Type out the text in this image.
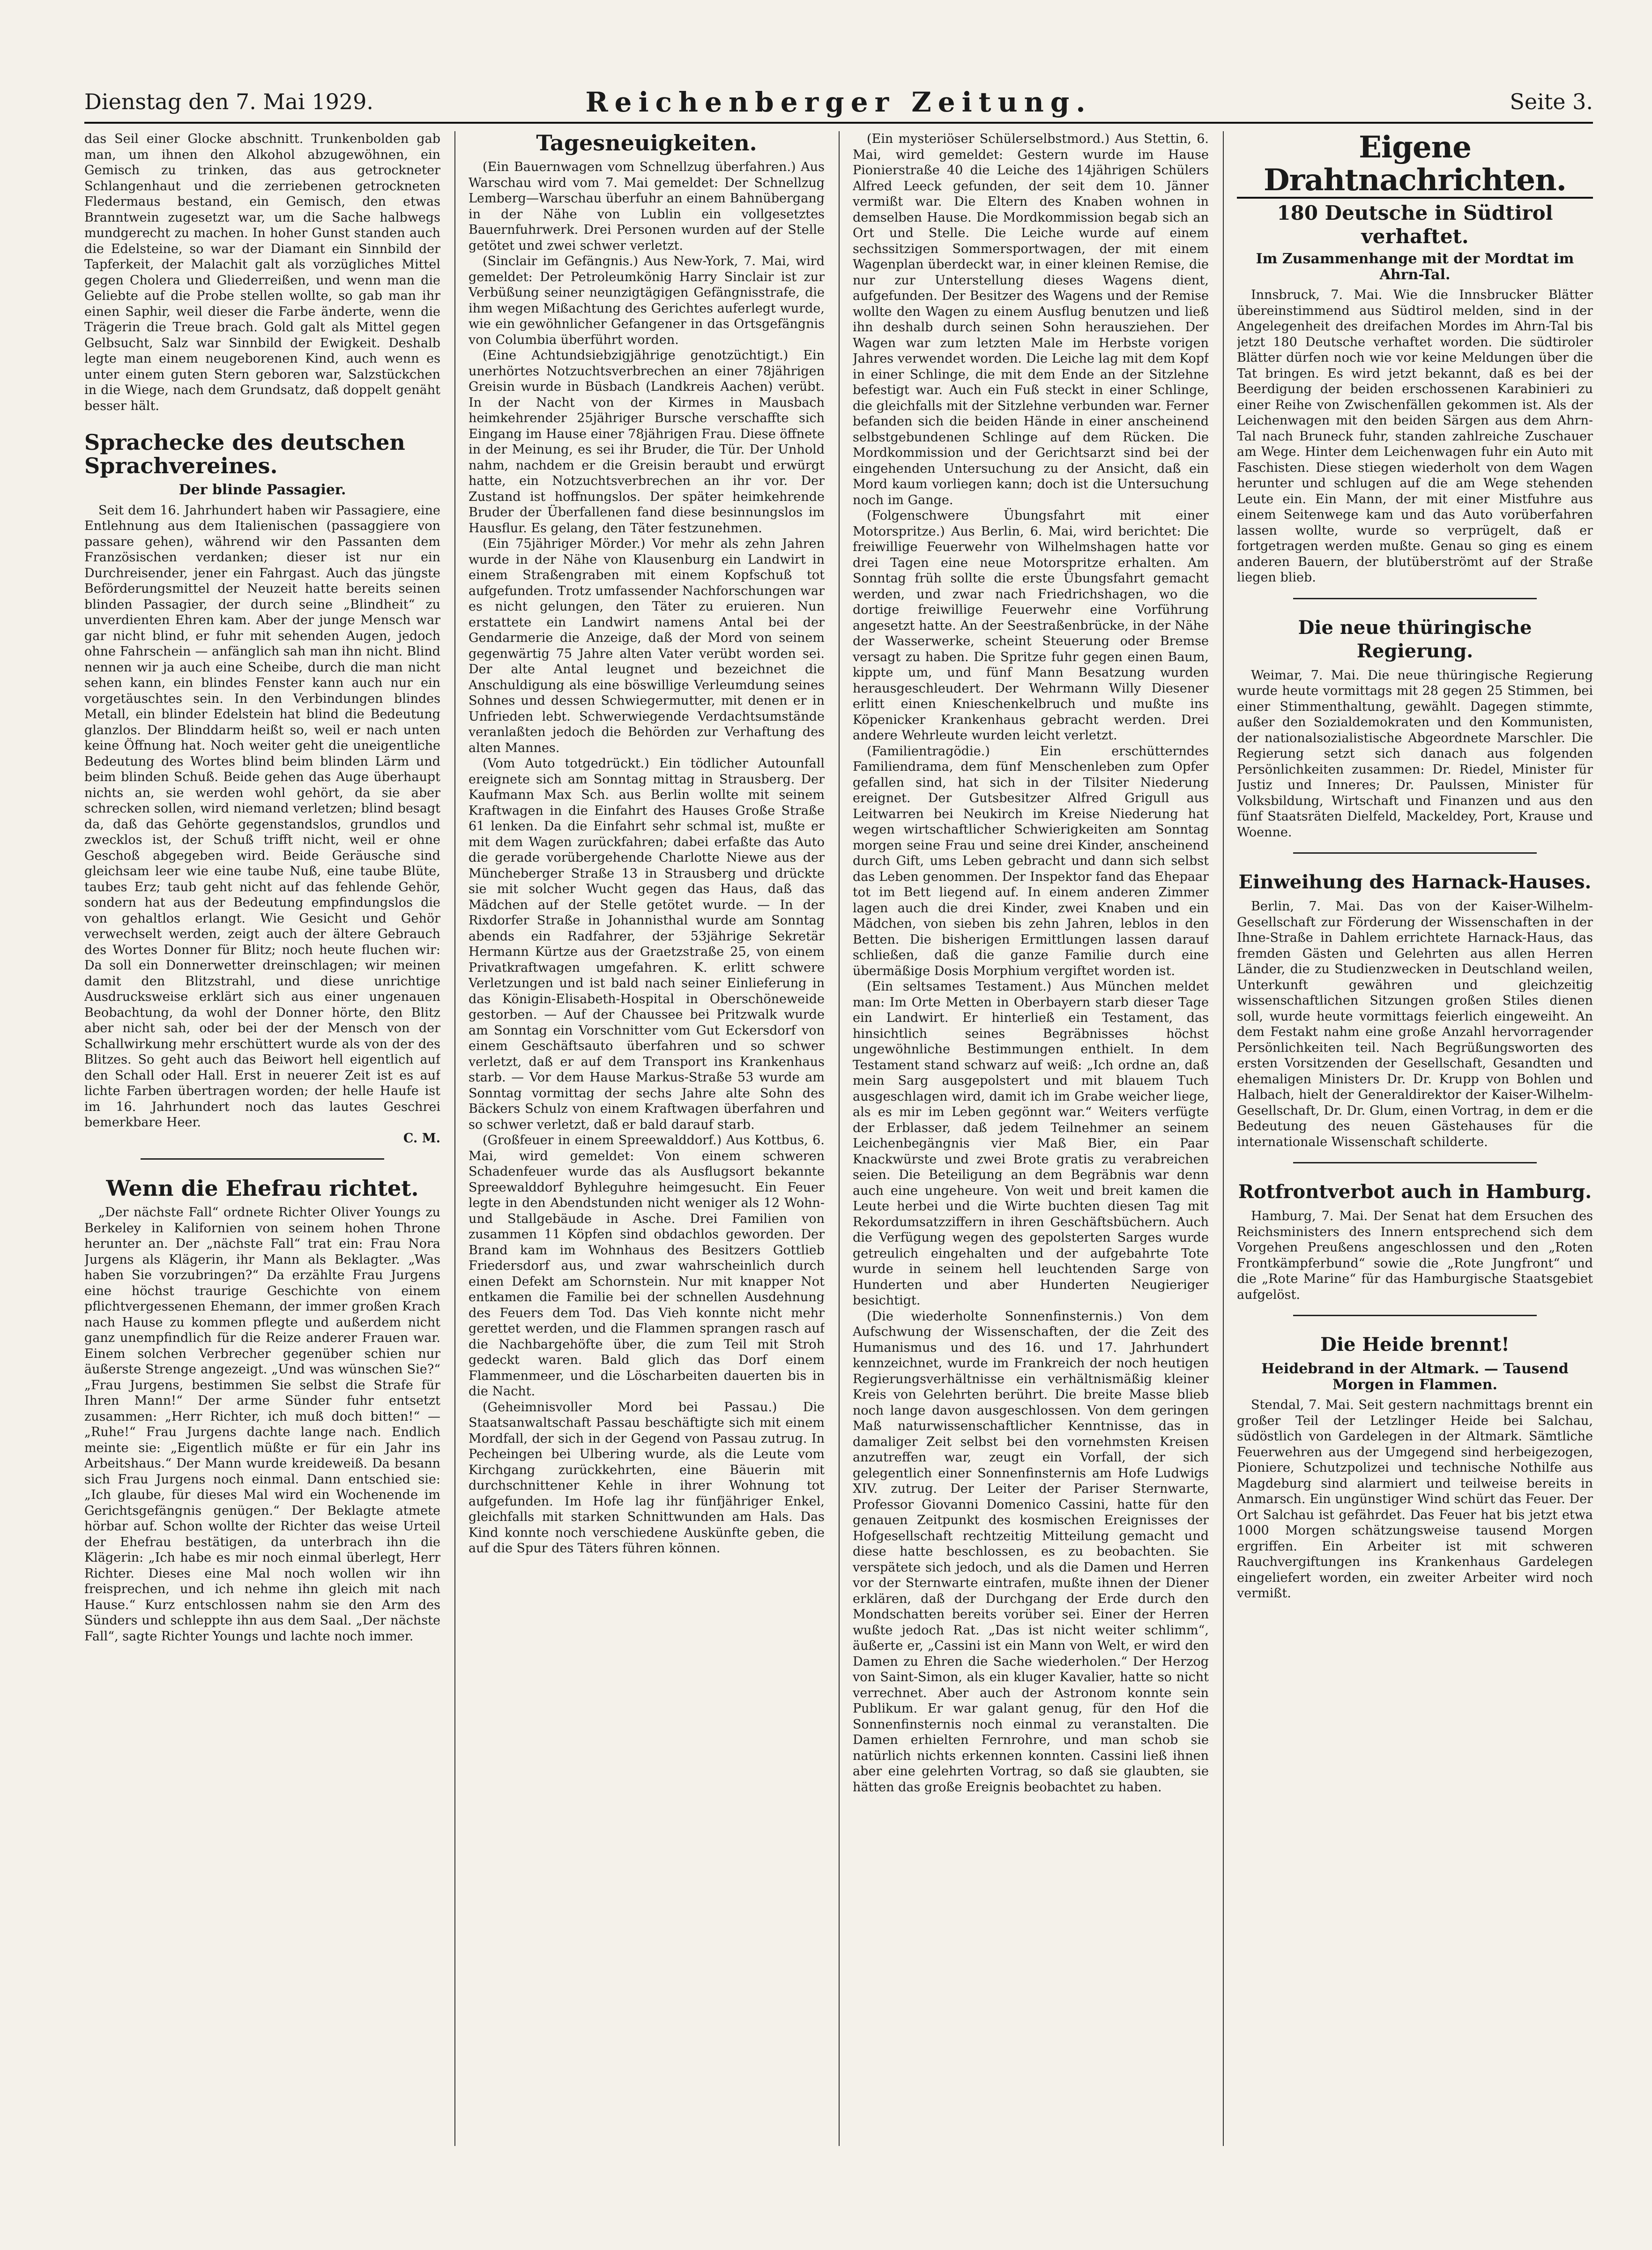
Dienstag den 7. Mai 1929.	Reichenberger Zeitung.	Seite 3.

das Seil einer Glocke abschnitt. Trunkenbolden gab man, um ihnen den Alkohol abzugewöhnen, ein Gemisch zu trinken, das aus getrockneter Schlangenhaut und die zerriebenen getrockneten Fledermaus bestand, ein Gemisch, den etwas Branntwein zugesetzt war, um die Sache halbwegs mundgerecht zu machen. In hoher Gunst standen auch die Edelsteine, so war der Diamant ein Sinnbild der Tapferkeit, der Malachit galt als vorzügliches Mittel gegen Cholera und Gliederreißen, und wenn man die Geliebte auf die Probe stellen wollte, so gab man ihr einen Saphir, weil dieser die Farbe änderte, wenn die Trägerin die Treue brach. Gold galt als Mittel gegen Gelbsucht, Salz war Sinnbild der Ewigkeit. Deshalb legte man einem neugeborenen Kind, auch wenn es unter einem guten Stern geboren war, Salzstückchen in die Wiege, nach dem Grundsatz, daß doppelt genäht besser hält.

Sprachecke des deutschen Sprachvereines.
Der blinde Passagier.

Seit dem 16. Jahrhundert haben wir Passagiere, eine Entlehnung aus dem Italienischen (passaggiere von passare gehen), während wir den Passanten dem Französischen verdanken; dieser ist nur ein Durchreisender, jener ein Fahrgast. Auch das jüngste Beförderungsmittel der Neuzeit hatte bereits seinen blinden Passagier, der durch seine „Blindheit“ zu unverdienten Ehren kam. Aber der junge Mensch war gar nicht blind, er fuhr mit sehenden Augen, jedoch ohne Fahrschein — anfänglich sah man ihn nicht. Blind nennen wir ja auch eine Scheibe, durch die man nicht sehen kann, ein blindes Fenster kann auch nur ein vorgetäuschtes sein. In den Verbindungen blindes Metall, ein blinder Edelstein hat blind die Bedeutung glanzlos. Der Blinddarm heißt so, weil er nach unten keine Öffnung hat. Noch weiter geht die uneigentliche Bedeutung des Wortes blind beim blinden Lärm und beim blinden Schuß. Beide gehen das Auge überhaupt nichts an, sie werden wohl gehört, da sie aber schrecken sollen, wird niemand verletzen; blind besagt da, daß das Gehörte gegenstandslos, grundlos und zwecklos ist, der Schuß trifft nicht, weil er ohne Geschoß abgegeben wird. Beide Geräusche sind gleichsam leer wie eine taube Nuß, eine taube Blüte, taubes Erz; taub geht nicht auf das fehlende Gehör, sondern hat aus der Bedeutung empfindungslos die von gehaltlos erlangt. Wie Gesicht und Gehör verwechselt werden, zeigt auch der ältere Gebrauch des Wortes Donner für Blitz; noch heute fluchen wir: Da soll ein Donnerwetter dreinschlagen; wir meinen damit den Blitzstrahl, und diese unrichtige Ausdrucksweise erklärt sich aus einer ungenauen Beobachtung, da wohl der Donner hörte, den Blitz aber nicht sah, oder bei der der Mensch von der Schallwirkung mehr erschüttert wurde als von der des Blitzes. So geht auch das Beiwort hell eigentlich auf den Schall oder Hall. Erst in neuerer Zeit ist es auf lichte Farben übertragen worden; der helle Haufe ist im 16. Jahrhundert noch das lautes Geschrei bemerkbare Heer.

C. M.
Wenn die Ehefrau richtet.

„Der nächste Fall“ ordnete Richter Oliver Youngs zu Berkeley in Kalifornien von seinem hohen Throne herunter an. Der „nächste Fall“ trat ein: Frau Nora Jurgens als Klägerin, ihr Mann als Beklagter. „Was haben Sie vorzubringen?“ Da erzählte Frau Jurgens eine höchst traurige Geschichte von einem pflichtvergessenen Ehemann, der immer großen Krach nach Hause zu kommen pflegte und außerdem nicht ganz unempfindlich für die Reize anderer Frauen war. Einem solchen Verbrecher gegenüber schien nur äußerste Strenge angezeigt. „Und was wünschen Sie?“ „Frau Jurgens, bestimmen Sie selbst die Strafe für Ihren Mann!“ Der arme Sünder fuhr entsetzt zusammen: „Herr Richter, ich muß doch bitten!“ — „Ruhe!“ Frau Jurgens dachte lange nach. Endlich meinte sie: „Eigentlich müßte er für ein Jahr ins Arbeitshaus.“ Der Mann wurde kreideweiß. Da besann sich Frau Jurgens noch einmal. Dann entschied sie: „Ich glaube, für dieses Mal wird ein Wochenende im Gerichtsgefängnis genügen.“ Der Beklagte atmete hörbar auf. Schon wollte der Richter das weise Urteil der Ehefrau bestätigen, da unterbrach ihn die Klägerin: „Ich habe es mir noch einmal überlegt, Herr Richter. Dieses eine Mal noch wollen wir ihn freisprechen, und ich nehme ihn gleich mit nach Hause.“ Kurz entschlossen nahm sie den Arm des Sünders und schleppte ihn aus dem Saal. „Der nächste Fall“, sagte Richter Youngs und lachte noch immer.

Tagesneuigkeiten.

(Ein Bauernwagen vom Schnellzug überfahren.) Aus Warschau wird vom 7. Mai gemeldet: Der Schnellzug Lemberg—Warschau überfuhr an einem Bahnübergang in der Nähe von Lublin ein vollgesetztes Bauernfuhrwerk. Drei Personen wurden auf der Stelle getötet und zwei schwer verletzt.

(Sinclair im Gefängnis.) Aus New-York, 7. Mai, wird gemeldet: Der Petroleumkönig Harry Sinclair ist zur Verbüßung seiner neunzigtägigen Gefängnisstrafe, die ihm wegen Mißachtung des Gerichtes auferlegt wurde, wie ein gewöhnlicher Gefangener in das Ortsgefängnis von Columbia überführt worden.

(Eine Achtundsiebzigjährige genotzüchtigt.) Ein unerhörtes Notzuchtsverbrechen an einer 78jährigen Greisin wurde in Büsbach (Landkreis Aachen) verübt. In der Nacht von der Kirmes in Mausbach heimkehrender 25jähriger Bursche verschaffte sich Eingang im Hause einer 78jährigen Frau. Diese öffnete in der Meinung, es sei ihr Bruder, die Tür. Der Unhold nahm, nachdem er die Greisin beraubt und erwürgt hatte, ein Notzuchtsverbrechen an ihr vor. Der Zustand ist hoffnungslos. Der später heimkehrende Bruder der Überfallenen fand diese besinnungslos im Hausflur. Es gelang, den Täter festzunehmen.

(Ein 75jähriger Mörder.) Vor mehr als zehn Jahren wurde in der Nähe von Klausenburg ein Landwirt in einem Straßengraben mit einem Kopfschuß tot aufgefunden. Trotz umfassender Nachforschungen war es nicht gelungen, den Täter zu eruieren. Nun erstattete ein Landwirt namens Antal bei der Gendarmerie die Anzeige, daß der Mord von seinem gegenwärtig 75 Jahre alten Vater verübt worden sei. Der alte Antal leugnet und bezeichnet die Anschuldigung als eine böswillige Verleumdung seines Sohnes und dessen Schwiegermutter, mit denen er in Unfrieden lebt. Schwerwiegende Verdachtsumstände veranlaßten jedoch die Behörden zur Verhaftung des alten Mannes.

(Vom Auto totgedrückt.) Ein tödlicher Autounfall ereignete sich am Sonntag mittag in Strausberg. Der Kaufmann Max Sch. aus Berlin wollte mit seinem Kraftwagen in die Einfahrt des Hauses Große Straße 61 lenken. Da die Einfahrt sehr schmal ist, mußte er mit dem Wagen zurückfahren; dabei erfaßte das Auto die gerade vorübergehende Charlotte Niewe aus der Müncheberger Straße 13 in Strausberg und drückte sie mit solcher Wucht gegen das Haus, daß das Mädchen auf der Stelle getötet wurde. — In der Rixdorfer Straße in Johannisthal wurde am Sonntag abends ein Radfahrer, der 53jährige Sekretär Hermann Kürtze aus der Graetzstraße 25, von einem Privatkraftwagen umgefahren. K. erlitt schwere Verletzungen und ist bald nach seiner Einlieferung in das Königin-Elisabeth-Hospital in Oberschöneweide gestorben. — Auf der Chaussee bei Pritzwalk wurde am Sonntag ein Vorschnitter vom Gut Eckersdorf von einem Geschäftsauto überfahren und so schwer verletzt, daß er auf dem Transport ins Krankenhaus starb. — Vor dem Hause Markus-Straße 53 wurde am Sonntag vormittag der sechs Jahre alte Sohn des Bäckers Schulz von einem Kraftwagen überfahren und so schwer verletzt, daß er bald darauf starb.

(Großfeuer in einem Spreewalddorf.) Aus Kottbus, 6. Mai, wird gemeldet: Von einem schweren Schadenfeuer wurde das als Ausflugsort bekannte Spreewalddorf Byhleguhre heimgesucht. Ein Feuer legte in den Abendstunden nicht weniger als 12 Wohn- und Stallgebäude in Asche. Drei Familien von zusammen 11 Köpfen sind obdachlos geworden. Der Brand kam im Wohnhaus des Besitzers Gottlieb Friedersdorf aus, und zwar wahrscheinlich durch einen Defekt am Schornstein. Nur mit knapper Not entkamen die Familie bei der schnellen Ausdehnung des Feuers dem Tod. Das Vieh konnte nicht mehr gerettet werden, und die Flammen sprangen rasch auf die Nachbargehöfte über, die zum Teil mit Stroh gedeckt waren. Bald glich das Dorf einem Flammenmeer, und die Löscharbeiten dauerten bis in die Nacht.

(Geheimnisvoller Mord bei Passau.) Die Staatsanwaltschaft Passau beschäftigte sich mit einem Mordfall, der sich in der Gegend von Passau zutrug. In Pecheingen bei Ulbering wurde, als die Leute vom Kirchgang zurückkehrten, eine Bäuerin mit durchschnittener Kehle in ihrer Wohnung tot aufgefunden. Im Hofe lag ihr fünfjähriger Enkel, gleichfalls mit starken Schnittwunden am Hals. Das Kind konnte noch verschiedene Auskünfte geben, die auf die Spur des Täters führen können.

(Ein mysteriöser Schülerselbstmord.) Aus Stettin, 6. Mai, wird gemeldet: Gestern wurde im Hause Pionierstraße 40 die Leiche des 14jährigen Schülers Alfred Leeck gefunden, der seit dem 10. Jänner vermißt war. Die Eltern des Knaben wohnen in demselben Hause. Die Mordkommission begab sich an Ort und Stelle. Die Leiche wurde auf einem sechssitzigen Sommersportwagen, der mit einem Wagenplan überdeckt war, in einer kleinen Remise, die nur zur Unterstellung dieses Wagens dient, aufgefunden. Der Besitzer des Wagens und der Remise wollte den Wagen zu einem Ausflug benutzen und ließ ihn deshalb durch seinen Sohn herausziehen. Der Wagen war zum letzten Male im Herbste vorigen Jahres verwendet worden. Die Leiche lag mit dem Kopf in einer Schlinge, die mit dem Ende an der Sitzlehne befestigt war. Auch ein Fuß steckt in einer Schlinge, die gleichfalls mit der Sitzlehne verbunden war. Ferner befanden sich die beiden Hände in einer anscheinend selbstgebundenen Schlinge auf dem Rücken. Die Mordkommission und der Gerichtsarzt sind bei der eingehenden Untersuchung zu der Ansicht, daß ein Mord kaum vorliegen kann; doch ist die Untersuchung noch im Gange.

(Folgenschwere Übungsfahrt mit einer Motorspritze.) Aus Berlin, 6. Mai, wird berichtet: Die freiwillige Feuerwehr von Wilhelmshagen hatte vor drei Tagen eine neue Motorspritze erhalten. Am Sonntag früh sollte die erste Übungsfahrt gemacht werden, und zwar nach Friedrichshagen, wo die dortige freiwillige Feuerwehr eine Vorführung angesetzt hatte. An der Seestraßenbrücke, in der Nähe der Wasserwerke, scheint Steuerung oder Bremse versagt zu haben. Die Spritze fuhr gegen einen Baum, kippte um, und fünf Mann Besatzung wurden herausgeschleudert. Der Wehrmann Willy Diesener erlitt einen Knieschenkelbruch und mußte ins Köpenicker Krankenhaus gebracht werden. Drei andere Wehrleute wurden leicht verletzt.

(Familientragödie.) Ein erschütterndes Familiendrama, dem fünf Menschenleben zum Opfer gefallen sind, hat sich in der Tilsiter Niederung ereignet. Der Gutsbesitzer Alfred Grigull aus Leitwarren bei Neukirch im Kreise Niederung hat wegen wirtschaftlicher Schwierigkeiten am Sonntag morgen seine Frau und seine drei Kinder, anscheinend durch Gift, ums Leben gebracht und dann sich selbst das Leben genommen. Der Inspektor fand das Ehepaar tot im Bett liegend auf. In einem anderen Zimmer lagen auch die drei Kinder, zwei Knaben und ein Mädchen, von sieben bis zehn Jahren, leblos in den Betten. Die bisherigen Ermittlungen lassen darauf schließen, daß die ganze Familie durch eine übermäßige Dosis Morphium vergiftet worden ist.

(Ein seltsames Testament.) Aus München meldet man: Im Orte Metten in Oberbayern starb dieser Tage ein Landwirt. Er hinterließ ein Testament, das hinsichtlich seines Begräbnisses höchst ungewöhnliche Bestimmungen enthielt. In dem Testament stand schwarz auf weiß: „Ich ordne an, daß mein Sarg ausgepolstert und mit blauem Tuch ausgeschlagen wird, damit ich im Grabe weicher liege, als es mir im Leben gegönnt war.“ Weiters verfügte der Erblasser, daß jedem Teilnehmer an seinem Leichenbegängnis vier Maß Bier, ein Paar Knackwürste und zwei Brote gratis zu verabreichen seien. Die Beteiligung an dem Begräbnis war denn auch eine ungeheure. Von weit und breit kamen die Leute herbei und die Wirte buchten diesen Tag mit Rekordumsatzziffern in ihren Geschäftsbüchern. Auch die Verfügung wegen des gepolsterten Sarges wurde getreulich eingehalten und der aufgebahrte Tote wurde in seinem hell leuchtenden Sarge von Hunderten und aber Hunderten Neugieriger besichtigt.

(Die wiederholte Sonnenfinsternis.) Von dem Aufschwung der Wissenschaften, der die Zeit des Humanismus und des 16. und 17. Jahrhundert kennzeichnet, wurde im Frankreich der noch heutigen Regierungsverhältnisse ein verhältnismäßig kleiner Kreis von Gelehrten berührt. Die breite Masse blieb noch lange davon ausgeschlossen. Von dem geringen Maß naturwissenschaftlicher Kenntnisse, das in damaliger Zeit selbst bei den vornehmsten Kreisen anzutreffen war, zeugt ein Vorfall, der sich gelegentlich einer Sonnenfinsternis am Hofe Ludwigs XIV. zutrug. Der Leiter der Pariser Sternwarte, Professor Giovanni Domenico Cassini, hatte für den genauen Zeitpunkt des kosmischen Ereignisses der Hofgesellschaft rechtzeitig Mitteilung gemacht und diese hatte beschlossen, es zu beobachten. Sie verspätete sich jedoch, und als die Damen und Herren vor der Sternwarte eintrafen, mußte ihnen der Diener erklären, daß der Durchgang der Erde durch den Mondschatten bereits vorüber sei. Einer der Herren wußte jedoch Rat. „Das ist nicht weiter schlimm“, äußerte er, „Cassini ist ein Mann von Welt, er wird den Damen zu Ehren die Sache wiederholen.“ Der Herzog von Saint-Simon, als ein kluger Kavalier, hatte so nicht verrechnet. Aber auch der Astronom konnte sein Publikum. Er war galant genug, für den Hof die Sonnenfinsternis noch einmal zu veranstalten. Die Damen erhielten Fernrohre, und man schob sie natürlich nichts erkennen konnten. Cassini ließ ihnen aber eine gelehrten Vortrag, so daß sie glaubten, sie hätten das große Ereignis beobachtet zu haben.

Eigene Drahtnachrichten.
180 Deutsche in Südtirol verhaftet.
Im Zusammenhange mit der Mordtat im Ahrn-Tal.

Innsbruck, 7. Mai. Wie die Innsbrucker Blätter übereinstimmend aus Südtirol melden, sind in der Angelegenheit des dreifachen Mordes im Ahrn-Tal bis jetzt 180 Deutsche verhaftet worden. Die südtiroler Blätter dürfen noch wie vor keine Meldungen über die Tat bringen. Es wird jetzt bekannt, daß es bei der Beerdigung der beiden erschossenen Karabinieri zu einer Reihe von Zwischenfällen gekommen ist. Als der Leichenwagen mit den beiden Särgen aus dem Ahrn-Tal nach Bruneck fuhr, standen zahlreiche Zuschauer am Wege. Hinter dem Leichenwagen fuhr ein Auto mit Faschisten. Diese stiegen wiederholt von dem Wagen herunter und schlugen auf die am Wege stehenden Leute ein. Ein Mann, der mit einer Mistfuhre aus einem Seitenwege kam und das Auto vorüberfahren lassen wollte, wurde so verprügelt, daß er fortgetragen werden mußte. Genau so ging es einem anderen Bauern, der blutüberströmt auf der Straße liegen blieb.

Die neue thüringische Regierung.

Weimar, 7. Mai. Die neue thüringische Regierung wurde heute vormittags mit 28 gegen 25 Stimmen, bei einer Stimmenthaltung, gewählt. Dagegen stimmte, außer den Sozialdemokraten und den Kommunisten, der nationalsozialistische Abgeordnete Marschler. Die Regierung setzt sich danach aus folgenden Persönlichkeiten zusammen: Dr. Riedel, Minister für Justiz und Inneres; Dr. Paulssen, Minister für Volksbildung, Wirtschaft und Finanzen und aus den fünf Staatsräten Dielfeld, Mackeldey, Port, Krause und Woenne.

Einweihung des Harnack-Hauses.

Berlin, 7. Mai. Das von der Kaiser-Wilhelm-Gesellschaft zur Förderung der Wissenschaften in der Ihne-Straße in Dahlem errichtete Harnack-Haus, das fremden Gästen und Gelehrten aus allen Herren Länder, die zu Studienzwecken in Deutschland weilen, Unterkunft gewähren und gleichzeitig wissenschaftlichen Sitzungen großen Stiles dienen soll, wurde heute vormittags feierlich eingeweiht. An dem Festakt nahm eine große Anzahl hervorragender Persönlichkeiten teil. Nach Begrüßungsworten des ersten Vorsitzenden der Gesellschaft, Gesandten und ehemaligen Ministers Dr. Dr. Krupp von Bohlen und Halbach, hielt der Generaldirektor der Kaiser-Wilhelm-Gesellschaft, Dr. Dr. Glum, einen Vortrag, in dem er die Bedeutung des neuen Gästehauses für die internationale Wissenschaft schilderte.

Rotfrontverbot auch in Hamburg.

Hamburg, 7. Mai. Der Senat hat dem Ersuchen des Reichsministers des Innern entsprechend sich dem Vorgehen Preußens angeschlossen und den „Roten Frontkämpferbund“ sowie die „Rote Jungfront“ und die „Rote Marine“ für das Hamburgische Staatsgebiet aufgelöst.

Die Heide brennt!
Heidebrand in der Altmark. — Tausend Morgen in Flammen.

Stendal, 7. Mai. Seit gestern nachmittags brennt ein großer Teil der Letzlinger Heide bei Salchau, südöstlich von Gardelegen in der Altmark. Sämtliche Feuerwehren aus der Umgegend sind herbeigezogen, Pioniere, Schutzpolizei und technische Nothilfe aus Magdeburg sind alarmiert und teilweise bereits in Anmarsch. Ein ungünstiger Wind schürt das Feuer. Der Ort Salchau ist gefährdet. Das Feuer hat bis jetzt etwa 1000 Morgen schätzungsweise tausend Morgen ergriffen. Ein Arbeiter ist mit schweren Rauchvergiftungen ins Krankenhaus Gardelegen eingeliefert worden, ein zweiter Arbeiter wird noch vermißt.
